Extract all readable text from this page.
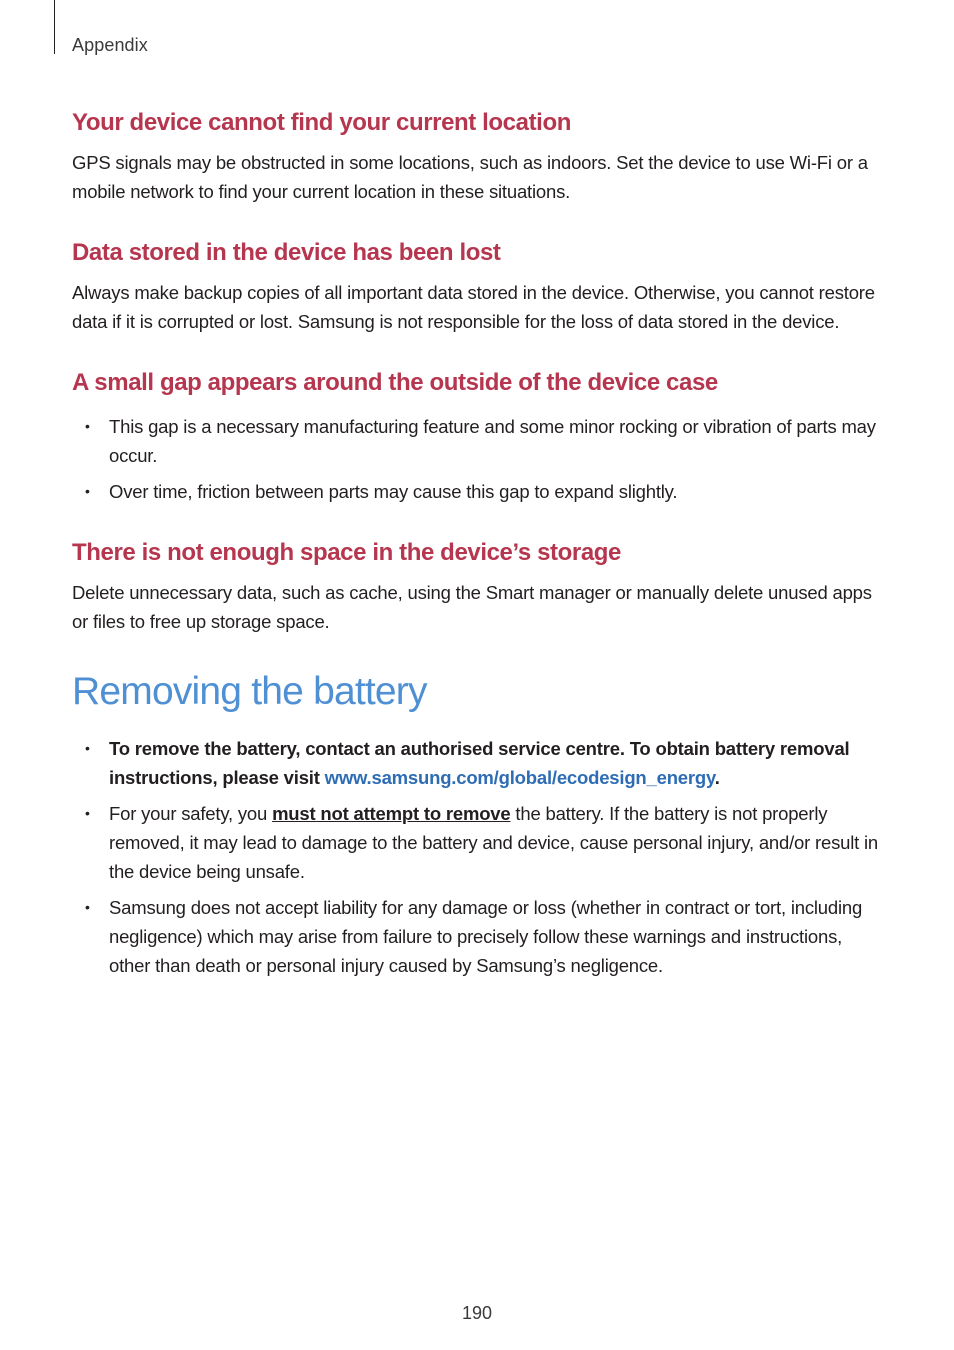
Appendix
Your device cannot find your current location

GPS signals may be obstructed in some locations, such as indoors. Set the device to use Wi-Fi or a mobile network to find your current location in these situations.

Data stored in the device has been lost

Always make backup copies of all important data stored in the device. Otherwise, you cannot restore data if it is corrupted or lost. Samsung is not responsible for the loss of data stored in the device.

A small gap appears around the outside of the device case
• This gap is a necessary manufacturing feature and some minor rocking or vibration of parts may occur.
• Over time, friction between parts may cause this gap to expand slightly.
There is not enough space in the device’s storage

Delete unnecessary data, such as cache, using the Smart manager or manually delete unused apps or files to free up storage space.

Removing the battery
• To remove the battery, contact an authorised service centre. To obtain battery removal instructions, please visit www.samsung.com/global/ecodesign_energy.
• For your safety, you must not attempt to remove the battery. If the battery is not properly removed, it may lead to damage to the battery and device, cause personal injury, and/or result in the device being unsafe.
• Samsung does not accept liability for any damage or loss (whether in contract or tort, including negligence) which may arise from failure to precisely follow these warnings and instructions, other than death or personal injury caused by Samsung’s negligence.
190
